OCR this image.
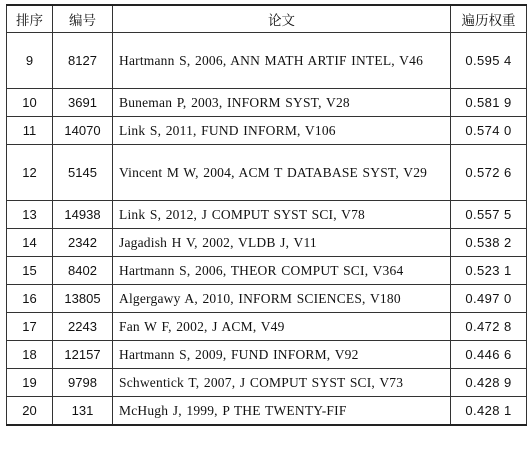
排序	编号	论文	遍历权重
9	8127	Hartmann S, 2006, ANN MATH ARTIF INTEL, V46	0.595 4
10	3691	Buneman P, 2003, INFORM SYST, V28	0.581 9
11	14070	Link S, 2011, FUND INFORM, V106	0.574 0
12	5145	Vincent M W, 2004, ACM T DATABASE SYST, V29	0.572 6
13	14938	Link S, 2012, J COMPUT SYST SCI, V78	0.557 5
14	2342	Jagadish H V, 2002, VLDB J, V11	0.538 2
15	8402	Hartmann S, 2006, THEOR COMPUT SCI, V364	0.523 1
16	13805	Algergawy A, 2010, INFORM SCIENCES, V180	0.497 0
17	2243	Fan W F, 2002, J ACM, V49	0.472 8
18	12157	Hartmann S, 2009, FUND INFORM, V92	0.446 6
19	9798	Schwentick T, 2007, J COMPUT SYST SCI, V73	0.428 9
20	131	McHugh J, 1999, P THE TWENTY-FIF	0.428 1
